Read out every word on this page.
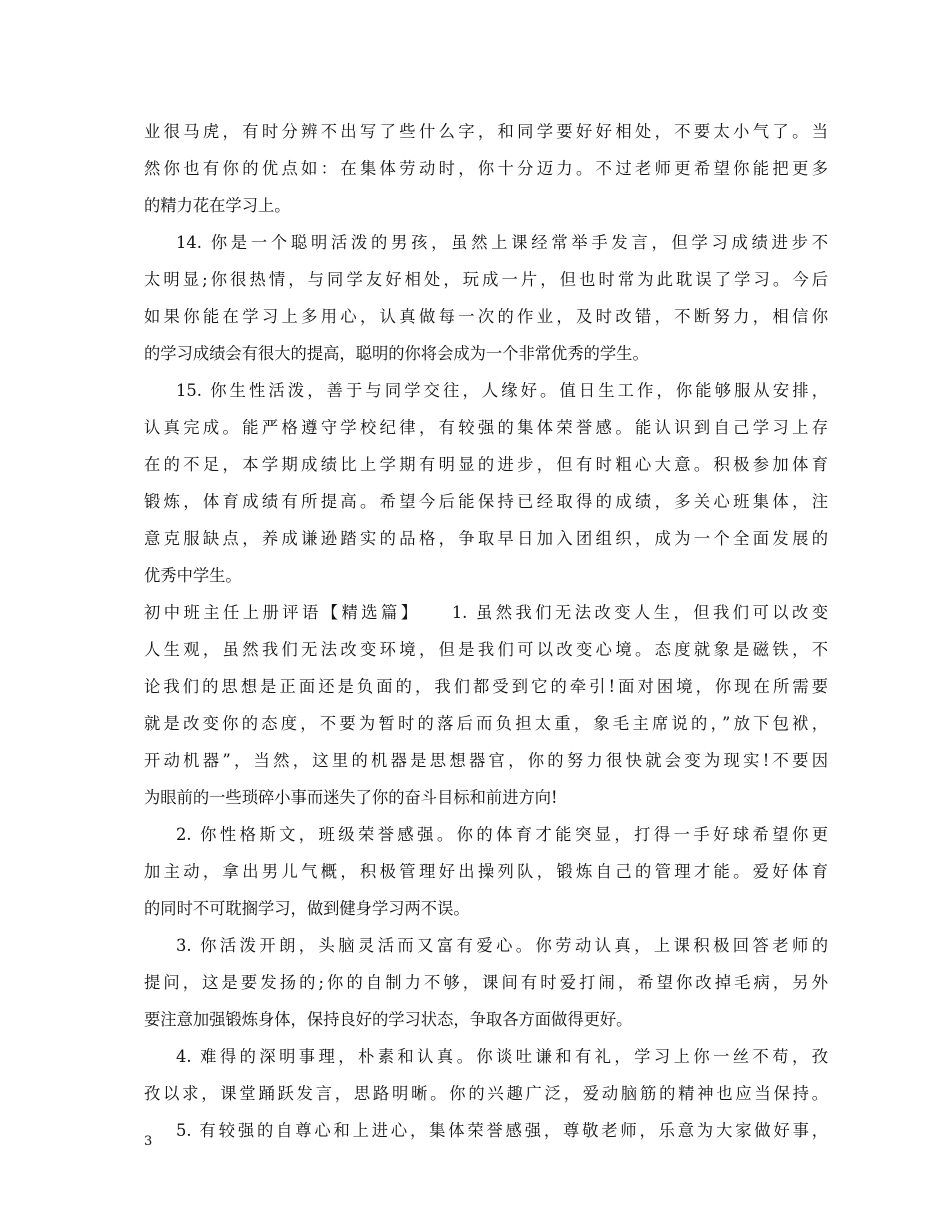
业很马虎，有时分辨不出写了些什么字，和同学要好好相处，不要太小气了。当
然你也有你的优点如：在集体劳动时，你十分迈力。不过老师更希望你能把更多
的精力花在学习上。
14. 你是一个聪明活泼的男孩，虽然上课经常举手发言，但学习成绩进步不
太明显;你很热情，与同学友好相处，玩成一片，但也时常为此耽误了学习。今后
如果你能在学习上多用心，认真做每一次的作业，及时改错，不断努力，相信你
的学习成绩会有很大的提高，聪明的你将会成为一个非常优秀的学生。
15. 你生性活泼，善于与同学交往，人缘好。值日生工作，你能够服从安排，
认真完成。能严格遵守学校纪律，有较强的集体荣誉感。能认识到自己学习上存
在的不足，本学期成绩比上学期有明显的进步，但有时粗心大意。积极参加体育
锻炼，体育成绩有所提高。希望今后能保持已经取得的成绩，多关心班集体，注
意克服缺点，养成谦逊踏实的品格，争取早日加入团组织，成为一个全面发展的
优秀中学生。
初中班主任上册评语【精选篇】　　1. 虽然我们无法改变人生，但我们可以改变
人生观，虽然我们无法改变环境，但是我们可以改变心境。态度就象是磁铁，不
论我们的思想是正面还是负面的，我们都受到它的牵引!面对困境，你现在所需要
就是改变你的态度，不要为暂时的落后而负担太重，象毛主席说的，”放下包袱，
开动机器”，当然，这里的机器是思想器官，你的努力很快就会变为现实!不要因
为眼前的一些琐碎小事而迷失了你的奋斗目标和前进方向!
2. 你性格斯文，班级荣誉感强。你的体育才能突显，打得一手好球希望你更
加主动，拿出男儿气概，积极管理好出操列队，锻炼自己的管理才能。爱好体育
的同时不可耽搁学习，做到健身学习两不误。
3. 你活泼开朗，头脑灵活而又富有爱心。你劳动认真，上课积极回答老师的
提问，这是要发扬的;你的自制力不够，课间有时爱打闹，希望你改掉毛病，另外
要注意加强锻炼身体，保持良好的学习状态，争取各方面做得更好。
4. 难得的深明事理，朴素和认真。你谈吐谦和有礼，学习上你一丝不苟，孜
孜以求，课堂踊跃发言，思路明晰。你的兴趣广泛，爱动脑筋的精神也应当保持。
5. 有较强的自尊心和上进心，集体荣誉感强，尊敬老师，乐意为大家做好事，
3
